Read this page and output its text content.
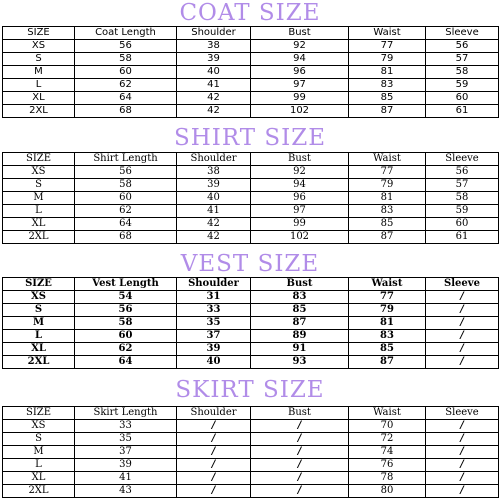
COAT SIZE
SIZE	Coat Length	Shoulder	Bust	Waist	Sleeve
XS	56	38	92	77	56
S	58	39	94	79	57
M	60	40	96	81	58
L	62	41	97	83	59
XL	64	42	99	85	60
2XL	68	42	102	87	61
SHIRT SIZE
SIZE	Shirt Length	Shoulder	Bust	Waist	Sleeve
XS	56	38	92	77	56
S	58	39	94	79	57
M	60	40	96	81	58
L	62	41	97	83	59
XL	64	42	99	85	60
2XL	68	42	102	87	61
VEST SIZE
SIZE	Vest Length	Shoulder	Bust	Waist	Sleeve
XS	54	31	83	77	/
S	56	33	85	79	/
M	58	35	87	81	/
L	60	37	89	83	/
XL	62	39	91	85	/
2XL	64	40	93	87	/
SKIRT SIZE
SIZE	Skirt Length	Shoulder	Bust	Waist	Sleeve
XS	33	/	/	70	/
S	35	/	/	72	/
M	37	/	/	74	/
L	39	/	/	76	/
XL	41	/	/	78	/
2XL	43	/	/	80	/
